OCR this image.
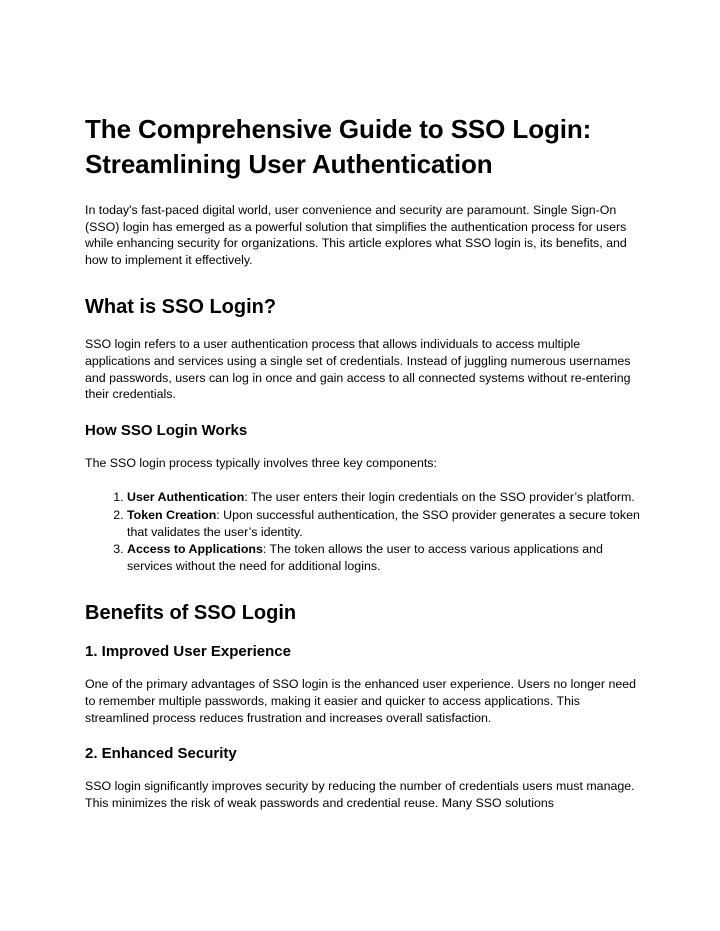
The Comprehensive Guide to SSO Login: Streamlining User Authentication

In today's fast-paced digital world, user convenience and security are paramount. Single Sign-On (SSO) login has emerged as a powerful solution that simplifies the authentication process for users while enhancing security for organizations. This article explores what SSO login is, its benefits, and how to implement it effectively.

What is SSO Login?

SSO login refers to a user authentication process that allows individuals to access multiple applications and services using a single set of credentials. Instead of juggling numerous usernames and passwords, users can log in once and gain access to all connected systems without re-entering their credentials.

How SSO Login Works

The SSO login process typically involves three key components:

1. User Authentication: The user enters their login credentials on the SSO provider’s platform.
2. Token Creation: Upon successful authentication, the SSO provider generates a secure token that validates the user’s identity.
3. Access to Applications: The token allows the user to access various applications and services without the need for additional logins.
Benefits of SSO Login
1. Improved User Experience

One of the primary advantages of SSO login is the enhanced user experience. Users no longer need to remember multiple passwords, making it easier and quicker to access applications. This streamlined process reduces frustration and increases overall satisfaction.

2. Enhanced Security

SSO login significantly improves security by reducing the number of credentials users must manage. This minimizes the risk of weak passwords and credential reuse. Many SSO solutions
